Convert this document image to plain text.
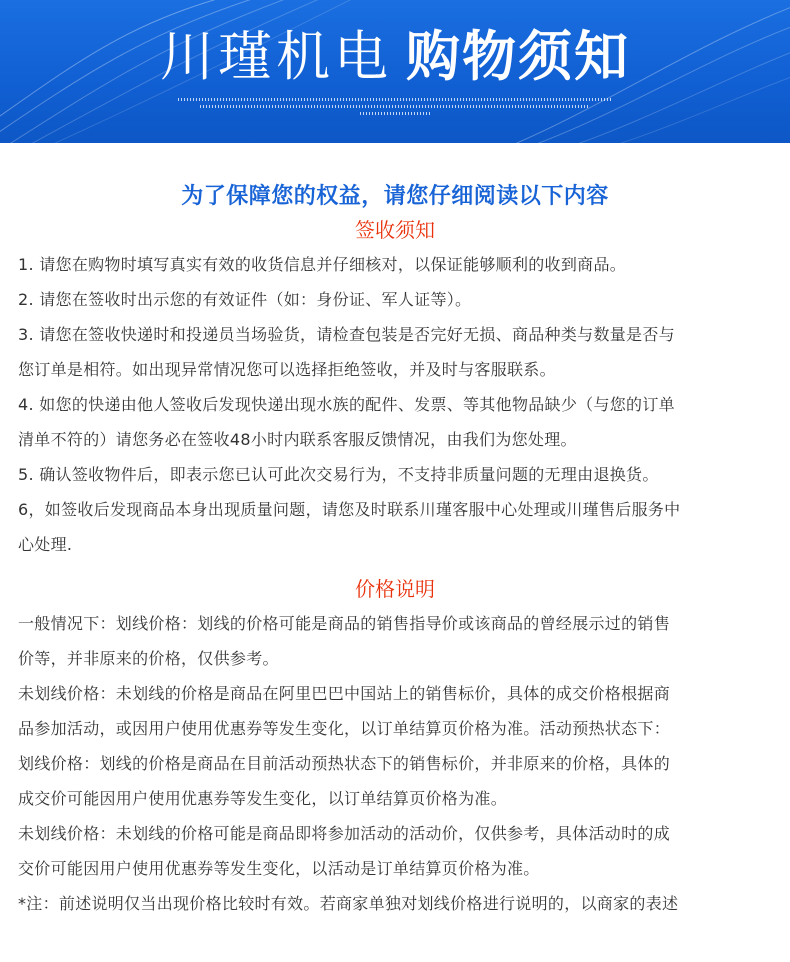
川瑾机电 购物须知
为了保障您的权益，请您仔细阅读以下内容
签收须知
1. 请您在购物时填写真实有效的收货信息并仔细核对，以保证能够顺利的收到商品。
2. 请您在签收时出示您的有效证件（如：身份证、军人证等）。
3. 请您在签收快递时和投递员当场验货，请检查包装是否完好无损、商品种类与数量是否与
您订单是相符。如出现异常情况您可以选择拒绝签收，并及时与客服联系。
4. 如您的快递由他人签收后发现快递出现水族的配件、发票、等其他物品缺少（与您的订单
清单不符的）请您务必在签收48小时内联系客服反馈情况，由我们为您处理。
5. 确认签收物件后，即表示您已认可此次交易行为，不支持非质量问题的无理由退换货。
6，如签收后发现商品本身出现质量问题，请您及时联系川瑾客服中心处理或川瑾售后服务中
心处理.
价格说明
一般情况下：划线价格：划线的价格可能是商品的销售指导价或该商品的曾经展示过的销售
价等，并非原来的价格，仅供参考。
未划线价格：未划线的价格是商品在阿里巴巴中国站上的销售标价，具体的成交价格根据商
品参加活动，或因用户使用优惠券等发生变化，以订单结算页价格为准。活动预热状态下：
划线价格：划线的价格是商品在目前活动预热状态下的销售标价，并非原来的价格，具体的
成交价可能因用户使用优惠券等发生变化，以订单结算页价格为准。
未划线价格：未划线的价格可能是商品即将参加活动的活动价，仅供参考，具体活动时的成
交价可能因用户使用优惠券等发生变化，以活动是订单结算页价格为准。
*注：前述说明仅当出现价格比较时有效。若商家单独对划线价格进行说明的，以商家的表述
